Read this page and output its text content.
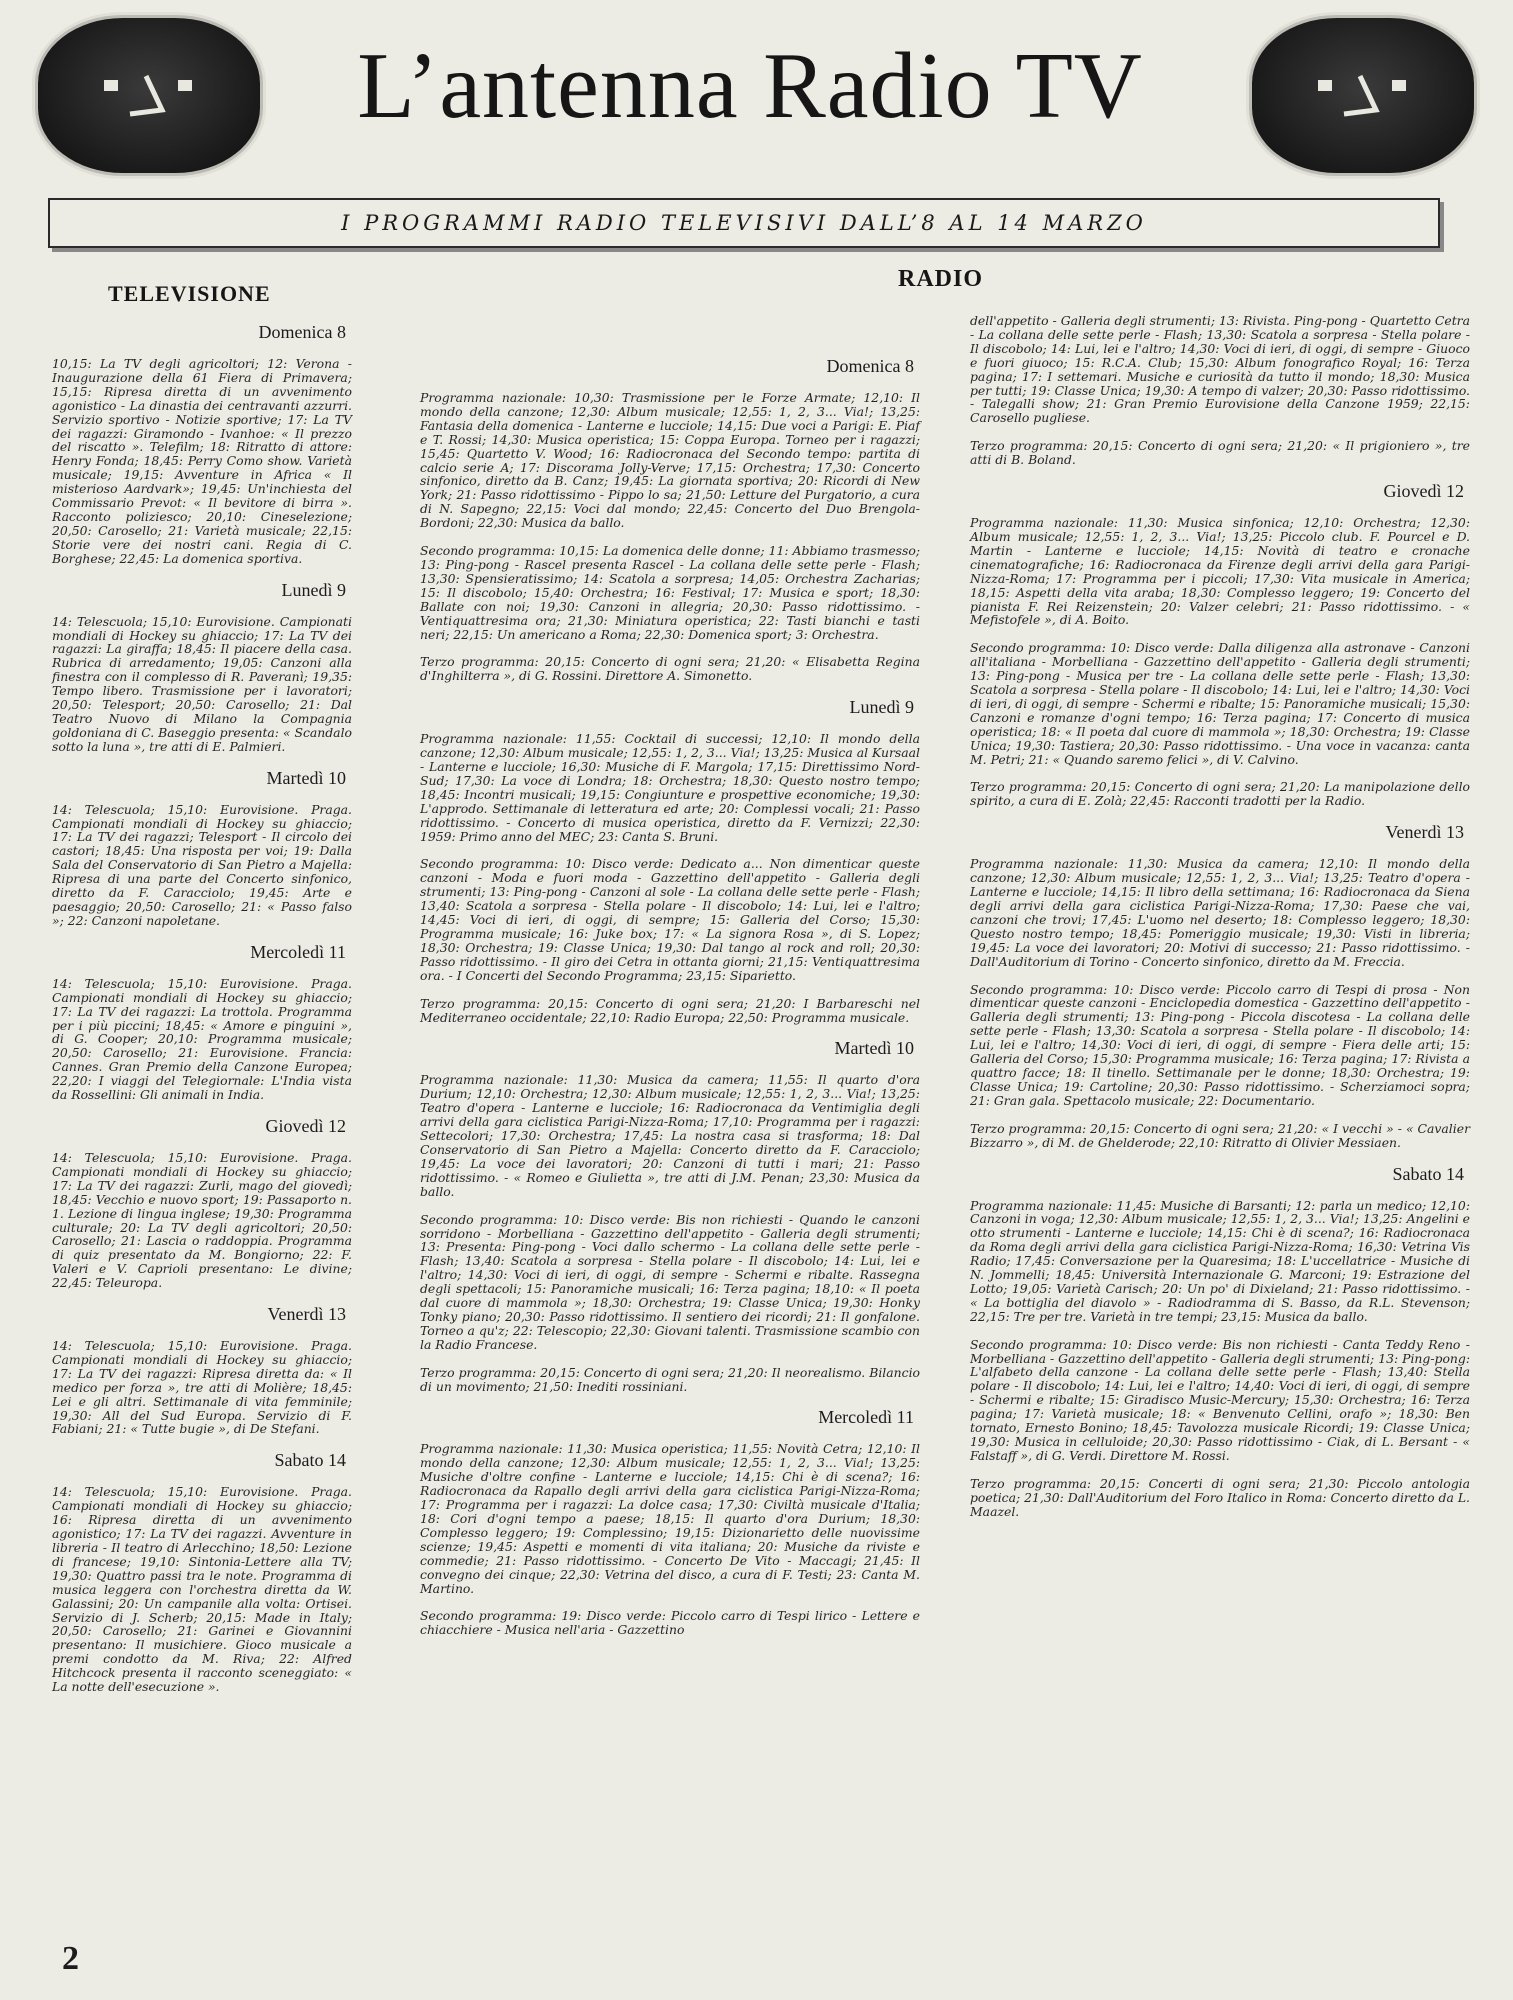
L’antenna Radio TV
I PROGRAMMI RADIO TELEVISIVI DALL’8 AL 14 MARZO
TELEVISIONE
RADIO
Domenica 8
10,15: La TV degli agricoltori; 12: Verona - Inaugurazione della 61 Fiera di Primavera; 15,15: Ripresa diretta di un avvenimento agonistico - La dinastia dei centravanti azzurri. Servizio sportivo - Notizie sportive; 17: La TV dei ragazzi: Giramondo - Ivanhoe: « Il prezzo del riscatto ». Telefilm; 18: Ritratto di attore: Henry Fonda; 18,45: Perry Como show. Varietà musicale; 19,15: Avventure in Africa « Il misterioso Aardvark»; 19,45: Un'inchiesta del Commissario Prevot: « Il bevitore di birra ». Racconto poliziesco; 20,10: Cineselezione; 20,50: Carosello; 21: Varietà musicale; 22,15: Storie vere dei nostri cani. Regia di C. Borghese; 22,45: La domenica sportiva.
Lunedì 9
14: Telescuola; 15,10: Eurovisione. Campionati mondiali di Hockey su ghiaccio; 17: La TV dei ragazzi: La giraffa; 18,45: Il piacere della casa. Rubrica di arredamento; 19,05: Canzoni alla finestra con il complesso di R. Paveranì; 19,35: Tempo libero. Trasmissione per i lavoratori; 20,50: Telesport; 20,50: Carosello; 21: Dal Teatro Nuovo di Milano la Compagnia goldoniana di C. Baseggio presenta: « Scandalo sotto la luna », tre atti di E. Palmieri.
Martedì 10
14: Telescuola; 15,10: Eurovisione. Praga. Campionati mondiali di Hockey su ghiaccio; 17: La TV dei ragazzi; Telesport - Il circolo dei castori; 18,45: Una risposta per voi; 19: Dalla Sala del Conservatorio di San Pietro a Majella: Ripresa di una parte del Concerto sinfonico, diretto da F. Caracciolo; 19,45: Arte e paesaggio; 20,50: Carosello; 21: « Passo falso »; 22: Canzoni napoletane.
Mercoledì 11
14: Telescuola; 15,10: Eurovisione. Praga. Campionati mondiali di Hockey su ghiaccio; 17: La TV dei ragazzi: La trottola. Programma per i più piccini; 18,45: « Amore e pinguini », di G. Cooper; 20,10: Programma musicale; 20,50: Carosello; 21: Eurovisione. Francia: Cannes. Gran Premio della Canzone Europea; 22,20: I viaggi del Telegiornale: L'India vista da Rossellini: Gli animali in India.
Giovedì 12
14: Telescuola; 15,10: Eurovisione. Praga. Campionati mondiali di Hockey su ghiaccio; 17: La TV dei ragazzi: Zurli, mago del giovedì; 18,45: Vecchio e nuovo sport; 19: Passaporto n. 1. Lezione di lingua inglese; 19,30: Programma culturale; 20: La TV degli agricoltori; 20,50: Carosello; 21: Lascia o raddoppia. Programma di quiz presentato da M. Bongiorno; 22: F. Valeri e V. Caprioli presentano: Le divine; 22,45: Teleuropa.
Venerdì 13
14: Telescuola; 15,10: Eurovisione. Praga. Campionati mondiali di Hockey su ghiaccio; 17: La TV dei ragazzi: Ripresa diretta da: « Il medico per forza », tre atti di Molière; 18,45: Lei e gli altri. Settimanale di vita femminile; 19,30: All del Sud Europa. Servizio di F. Fabiani; 21: « Tutte bugie », di De Stefani.
Sabato 14
14: Telescuola; 15,10: Eurovisione. Praga. Campionati mondiali di Hockey su ghiaccio; 16: Ripresa diretta di un avvenimento agonistico; 17: La TV dei ragazzi. Avventure in libreria - Il teatro di Arlecchino; 18,50: Lezione di francese; 19,10: Sintonia-Lettere alla TV; 19,30: Quattro passi tra le note. Programma di musica leggera con l'orchestra diretta da W. Galassini; 20: Un campanile alla volta: Ortisei. Servizio di J. Scherb; 20,15: Made in Italy; 20,50: Carosello; 21: Garinei e Giovannini presentano: Il musichiere. Gioco musicale a premi condotto da M. Riva; 22: Alfred Hitchcock presenta il racconto sceneggiato: « La notte dell'esecuzione ».
Domenica 8
Programma nazionale: 10,30: Trasmissione per le Forze Armate; 12,10: Il mondo della canzone; 12,30: Album musicale; 12,55: 1, 2, 3... Via!; 13,25: Fantasia della domenica - Lanterne e lucciole; 14,15: Due voci a Parigi: E. Piaf e T. Rossi; 14,30: Musica operistica; 15: Coppa Europa. Torneo per i ragazzi; 15,45: Quartetto V. Wood; 16: Radiocronaca del Secondo tempo: partita di calcio serie A; 17: Discorama Jolly-Verve; 17,15: Orchestra; 17,30: Concerto sinfonico, diretto da B. Canz; 19,45: La giornata sportiva; 20: Ricordi di New York; 21: Passo ridottissimo - Pippo lo sa; 21,50: Letture del Purgatorio, a cura di N. Sapegno; 22,15: Voci dal mondo; 22,45: Concerto del Duo Brengola-Bordoni; 22,30: Musica da ballo.
Secondo programma: 10,15: La domenica delle donne; 11: Abbiamo trasmesso; 13: Ping-pong - Rascel presenta Rascel - La collana delle sette perle - Flash; 13,30: Spensieratissimo; 14: Scatola a sorpresa; 14,05: Orchestra Zacharias; 15: Il discobolo; 15,40: Orchestra; 16: Festival; 17: Musica e sport; 18,30: Ballate con noi; 19,30: Canzoni in allegria; 20,30: Passo ridottissimo. - Ventiquattresima ora; 21,30: Miniatura operistica; 22: Tasti bianchi e tasti neri; 22,15: Un americano a Roma; 22,30: Domenica sport; 3: Orchestra.
Terzo programma: 20,15: Concerto di ogni sera; 21,20: « Elisabetta Regina d'Inghilterra », di G. Rossini. Direttore A. Simonetto.
Lunedì 9
Programma nazionale: 11,55: Cocktail di successi; 12,10: Il mondo della canzone; 12,30: Album musicale; 12,55: 1, 2, 3... Via!; 13,25: Musica al Kursaal - Lanterne e lucciole; 16,30: Musiche di F. Margola; 17,15: Direttissimo Nord-Sud; 17,30: La voce di Londra; 18: Orchestra; 18,30: Questo nostro tempo; 18,45: Incontri musicali; 19,15: Congiunture e prospettive economiche; 19,30: L'approdo. Settimanale di letteratura ed arte; 20: Complessi vocali; 21: Passo ridottissimo. - Concerto di musica operistica, diretto da F. Vernizzi; 22,30: 1959: Primo anno del MEC; 23: Canta S. Bruni.
Secondo programma: 10: Disco verde: Dedicato a... Non dimenticar queste canzoni - Moda e fuori moda - Gazzettino dell'appetito - Galleria degli strumenti; 13: Ping-pong - Canzoni al sole - La collana delle sette perle - Flash; 13,40: Scatola a sorpresa - Stella polare - Il discobolo; 14: Lui, lei e l'altro; 14,45: Voci di ieri, di oggi, di sempre; 15: Galleria del Corso; 15,30: Programma musicale; 16: Juke box; 17: « La signora Rosa », di S. Lopez; 18,30: Orchestra; 19: Classe Unica; 19,30: Dal tango al rock and roll; 20,30: Passo ridottissimo. - Il giro dei Cetra in ottanta giorni; 21,15: Ventiquattresima ora. - I Concerti del Secondo Programma; 23,15: Siparietto.
Terzo programma: 20,15: Concerto di ogni sera; 21,20: I Barbareschi nel Mediterraneo occidentale; 22,10: Radio Europa; 22,50: Programma musicale.
Martedì 10
Programma nazionale: 11,30: Musica da camera; 11,55: Il quarto d'ora Durium; 12,10: Orchestra; 12,30: Album musicale; 12,55: 1, 2, 3... Via!; 13,25: Teatro d'opera - Lanterne e lucciole; 16: Radiocronaca da Ventimiglia degli arrivi della gara ciclistica Parigi-Nizza-Roma; 17,10: Programma per i ragazzi: Settecolori; 17,30: Orchestra; 17,45: La nostra casa si trasforma; 18: Dal Conservatorio di San Pietro a Majella: Concerto diretto da F. Caracciolo; 19,45: La voce dei lavoratori; 20: Canzoni di tutti i mari; 21: Passo ridottissimo. - « Romeo e Giulietta », tre atti di J.M. Penan; 23,30: Musica da ballo.
Secondo programma: 10: Disco verde: Bis non richiesti - Quando le canzoni sorridono - Morbelliana - Gazzettino dell'appetito - Galleria degli strumenti; 13: Presenta: Ping-pong - Voci dallo schermo - La collana delle sette perle - Flash; 13,40: Scatola a sorpresa - Stella polare - Il discobolo; 14: Lui, lei e l'altro; 14,30: Voci di ieri, di oggi, di sempre - Schermi e ribalte. Rassegna degli spettacoli; 15: Panoramiche musicali; 16: Terza pagina; 18,10: « Il poeta dal cuore di mammola »; 18,30: Orchestra; 19: Classe Unica; 19,30: Honky Tonky piano; 20,30: Passo ridottissimo. Il sentiero dei ricordi; 21: Il gonfalone. Torneo a qu'z; 22: Telescopio; 22,30: Giovani talenti. Trasmissione scambio con la Radio Francese.
Terzo programma: 20,15: Concerto di ogni sera; 21,20: Il neorealismo. Bilancio di un movimento; 21,50: Inediti rossiniani.
Mercoledì 11
Programma nazionale: 11,30: Musica operistica; 11,55: Novità Cetra; 12,10: Il mondo della canzone; 12,30: Album musicale; 12,55: 1, 2, 3... Via!; 13,25: Musiche d'oltre confine - Lanterne e lucciole; 14,15: Chi è di scena?; 16: Radiocronaca da Rapallo degli arrivi della gara ciclistica Parigi-Nizza-Roma; 17: Programma per i ragazzi: La dolce casa; 17,30: Civiltà musicale d'Italia; 18: Cori d'ogni tempo a paese; 18,15: Il quarto d'ora Durium; 18,30: Complesso leggero; 19: Complessino; 19,15: Dizionarietto delle nuovissime scienze; 19,45: Aspetti e momenti di vita italiana; 20: Musiche da riviste e commedie; 21: Passo ridottissimo. - Concerto De Vito - Maccagi; 21,45: Il convegno dei cinque; 22,30: Vetrina del disco, a cura di F. Testi; 23: Canta M. Martino.
Secondo programma: 19: Disco verde: Piccolo carro di Tespi lirico - Lettere e chiacchiere - Musica nell'aria - Gazzettino
dell'appetito - Galleria degli strumenti; 13: Rivista. Ping-pong - Quartetto Cetra - La collana delle sette perle - Flash; 13,30: Scatola a sorpresa - Stella polare - Il discobolo; 14: Lui, lei e l'altro; 14,30: Voci di ieri, di oggi, di sempre - Giuoco e fuori giuoco; 15: R.C.A. Club; 15,30: Album fonografico Royal; 16: Terza pagina; 17: I settemari. Musiche e curiosità da tutto il mondo; 18,30: Musica per tutti; 19: Classe Unica; 19,30: A tempo di valzer; 20,30: Passo ridottissimo. - Talegalli show; 21: Gran Premio Eurovisione della Canzone 1959; 22,15: Carosello pugliese.
Terzo programma: 20,15: Concerto di ogni sera; 21,20: « Il prigioniero », tre atti di B. Boland.
Giovedì 12
Programma nazionale: 11,30: Musica sinfonica; 12,10: Orchestra; 12,30: Album musicale; 12,55: 1, 2, 3... Via!; 13,25: Piccolo club. F. Pourcel e D. Martin - Lanterne e lucciole; 14,15: Novità di teatro e cronache cinematografiche; 16: Radiocronaca da Firenze degli arrivi della gara Parigi-Nizza-Roma; 17: Programma per i piccoli; 17,30: Vita musicale in America; 18,15: Aspetti della vita araba; 18,30: Complesso leggero; 19: Concerto del pianista F. Rei Reizenstein; 20: Valzer celebri; 21: Passo ridottissimo. - « Mefistofele », di A. Boito.
Secondo programma: 10: Disco verde: Dalla diligenza alla astronave - Canzoni all'italiana - Morbelliana - Gazzettino dell'appetito - Galleria degli strumenti; 13: Ping-pong - Musica per tre - La collana delle sette perle - Flash; 13,30: Scatola a sorpresa - Stella polare - Il discobolo; 14: Lui, lei e l'altro; 14,30: Voci di ieri, di oggi, di sempre - Schermi e ribalte; 15: Panoramiche musicali; 15,30: Canzoni e romanze d'ogni tempo; 16: Terza pagina; 17: Concerto di musica operistica; 18: « Il poeta dal cuore di mammola »; 18,30: Orchestra; 19: Classe Unica; 19,30: Tastiera; 20,30: Passo ridottissimo. - Una voce in vacanza: canta M. Petri; 21: « Quando saremo felici », di V. Calvino.
Terzo programma: 20,15: Concerto di ogni sera; 21,20: La manipolazione dello spirito, a cura di E. Zolà; 22,45: Racconti tradotti per la Radio.
Venerdì 13
Programma nazionale: 11,30: Musica da camera; 12,10: Il mondo della canzone; 12,30: Album musicale; 12,55: 1, 2, 3... Via!; 13,25: Teatro d'opera - Lanterne e lucciole; 14,15: Il libro della settimana; 16: Radiocronaca da Siena degli arrivi della gara ciclistica Parigi-Nizza-Roma; 17,30: Paese che vai, canzoni che trovi; 17,45: L'uomo nel deserto; 18: Complesso leggero; 18,30: Questo nostro tempo; 18,45: Pomeriggio musicale; 19,30: Visti in libreria; 19,45: La voce dei lavoratori; 20: Motivi di successo; 21: Passo ridottissimo. - Dall'Auditorium di Torino - Concerto sinfonico, diretto da M. Freccia.
Secondo programma: 10: Disco verde: Piccolo carro di Tespi di prosa - Non dimenticar queste canzoni - Enciclopedia domestica - Gazzettino dell'appetito - Galleria degli strumenti; 13: Ping-pong - Piccola discotesa - La collana delle sette perle - Flash; 13,30: Scatola a sorpresa - Stella polare - Il discobolo; 14: Lui, lei e l'altro; 14,30: Voci di ieri, di oggi, di sempre - Fiera delle arti; 15: Galleria del Corso; 15,30: Programma musicale; 16: Terza pagina; 17: Rivista a quattro facce; 18: Il tinello. Settimanale per le donne; 18,30: Orchestra; 19: Classe Unica; 19: Cartoline; 20,30: Passo ridottissimo. - Scherziamoci sopra; 21: Gran gala. Spettacolo musicale; 22: Documentario.
Terzo programma: 20,15: Concerto di ogni sera; 21,20: « I vecchi » - « Cavalier Bizzarro », di M. de Ghelderode; 22,10: Ritratto di Olivier Messiaen.
Sabato 14
Programma nazionale: 11,45: Musiche di Barsanti; 12: parla un medico; 12,10: Canzoni in voga; 12,30: Album musicale; 12,55: 1, 2, 3... Via!; 13,25: Angelini e otto strumenti - Lanterne e lucciole; 14,15: Chi è di scena?; 16: Radiocronaca da Roma degli arrivi della gara ciclistica Parigi-Nizza-Roma; 16,30: Vetrina Vis Radio; 17,45: Conversazione per la Quaresima; 18: L'uccellatrice - Musiche di N. Jommelli; 18,45: Università Internazionale G. Marconi; 19: Estrazione del Lotto; 19,05: Varietà Carisch; 20: Un po' di Dixieland; 21: Passo ridottissimo. - « La bottiglia del diavolo » - Radiodramma di S. Basso, da R.L. Stevenson; 22,15: Tre per tre. Varietà in tre tempi; 23,15: Musica da ballo.
Secondo programma: 10: Disco verde: Bis non richiesti - Canta Teddy Reno - Morbelliana - Gazzettino dell'appetito - Galleria degli strumenti; 13: Ping-pong: L'alfabeto della canzone - La collana delle sette perle - Flash; 13,40: Stella polare - Il discobolo; 14: Lui, lei e l'altro; 14,40: Voci di ieri, di oggi, di sempre - Schermi e ribalte; 15: Giradisco Music-Mercury; 15,30: Orchestra; 16: Terza pagina; 17: Varietà musicale; 18: « Benvenuto Cellini, orafo »; 18,30: Ben tornato, Ernesto Bonino; 18,45: Tavolozza musicale Ricordi; 19: Classe Unica; 19,30: Musica in celluloide; 20,30: Passo ridottissimo - Ciak, di L. Bersant - « Falstaff », di G. Verdi. Direttore M. Rossi.
Terzo programma: 20,15: Concerti di ogni sera; 21,30: Piccolo antologia poetica; 21,30: Dall'Auditorium del Foro Italico in Roma: Concerto diretto da L. Maazel.
2
